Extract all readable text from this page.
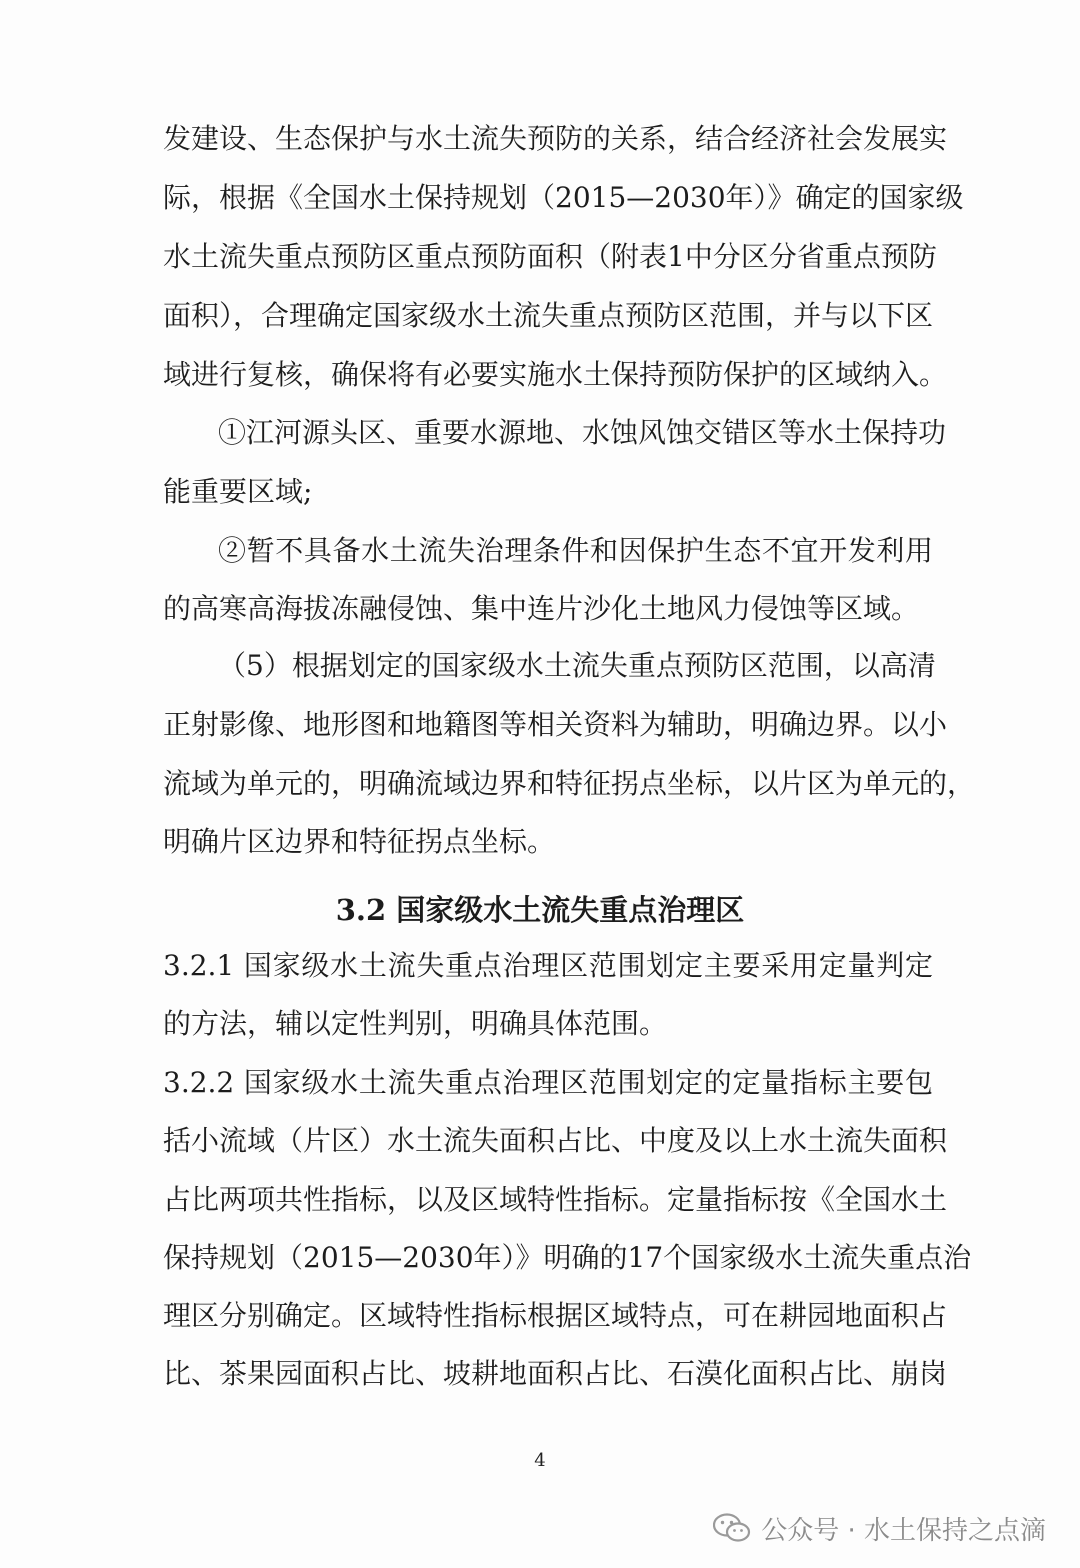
发建设、生态保护与水土流失预防的关系，结合经济社会发展实
际，根据《全国水土保持规划（2015—2030年）》确定的国家级
水土流失重点预防区重点预防面积（附表1中分区分省重点预防
面积），合理确定国家级水土流失重点预防区范围，并与以下区
域进行复核，确保将有必要实施水土保持预防保护的区域纳入。
①江河源头区、重要水源地、水蚀风蚀交错区等水土保持功
能重要区域;
②暂不具备水土流失治理条件和因保护生态不宜开发利用
的高寒高海拔冻融侵蚀、集中连片沙化土地风力侵蚀等区域。
（5）根据划定的国家级水土流失重点预防区范围，以高清
正射影像、地形图和地籍图等相关资料为辅助，明确边界。以小
流域为单元的，明确流域边界和特征拐点坐标，以片区为单元的，
明确片区边界和特征拐点坐标。
3.2 国家级水土流失重点治理区
3.2.1 国家级水土流失重点治理区范围划定主要采用定量判定
的方法，辅以定性判别，明确具体范围。
3.2.2 国家级水土流失重点治理区范围划定的定量指标主要包
括小流域（片区）水土流失面积占比、中度及以上水土流失面积
占比两项共性指标，以及区域特性指标。定量指标按《全国水土
保持规划（2015—2030年）》明确的17个国家级水土流失重点治
理区分别确定。区域特性指标根据区域特点，可在耕园地面积占
比、茶果园面积占比、坡耕地面积占比、石漠化面积占比、崩岗
4
公众号 · 水土保持之点滴
